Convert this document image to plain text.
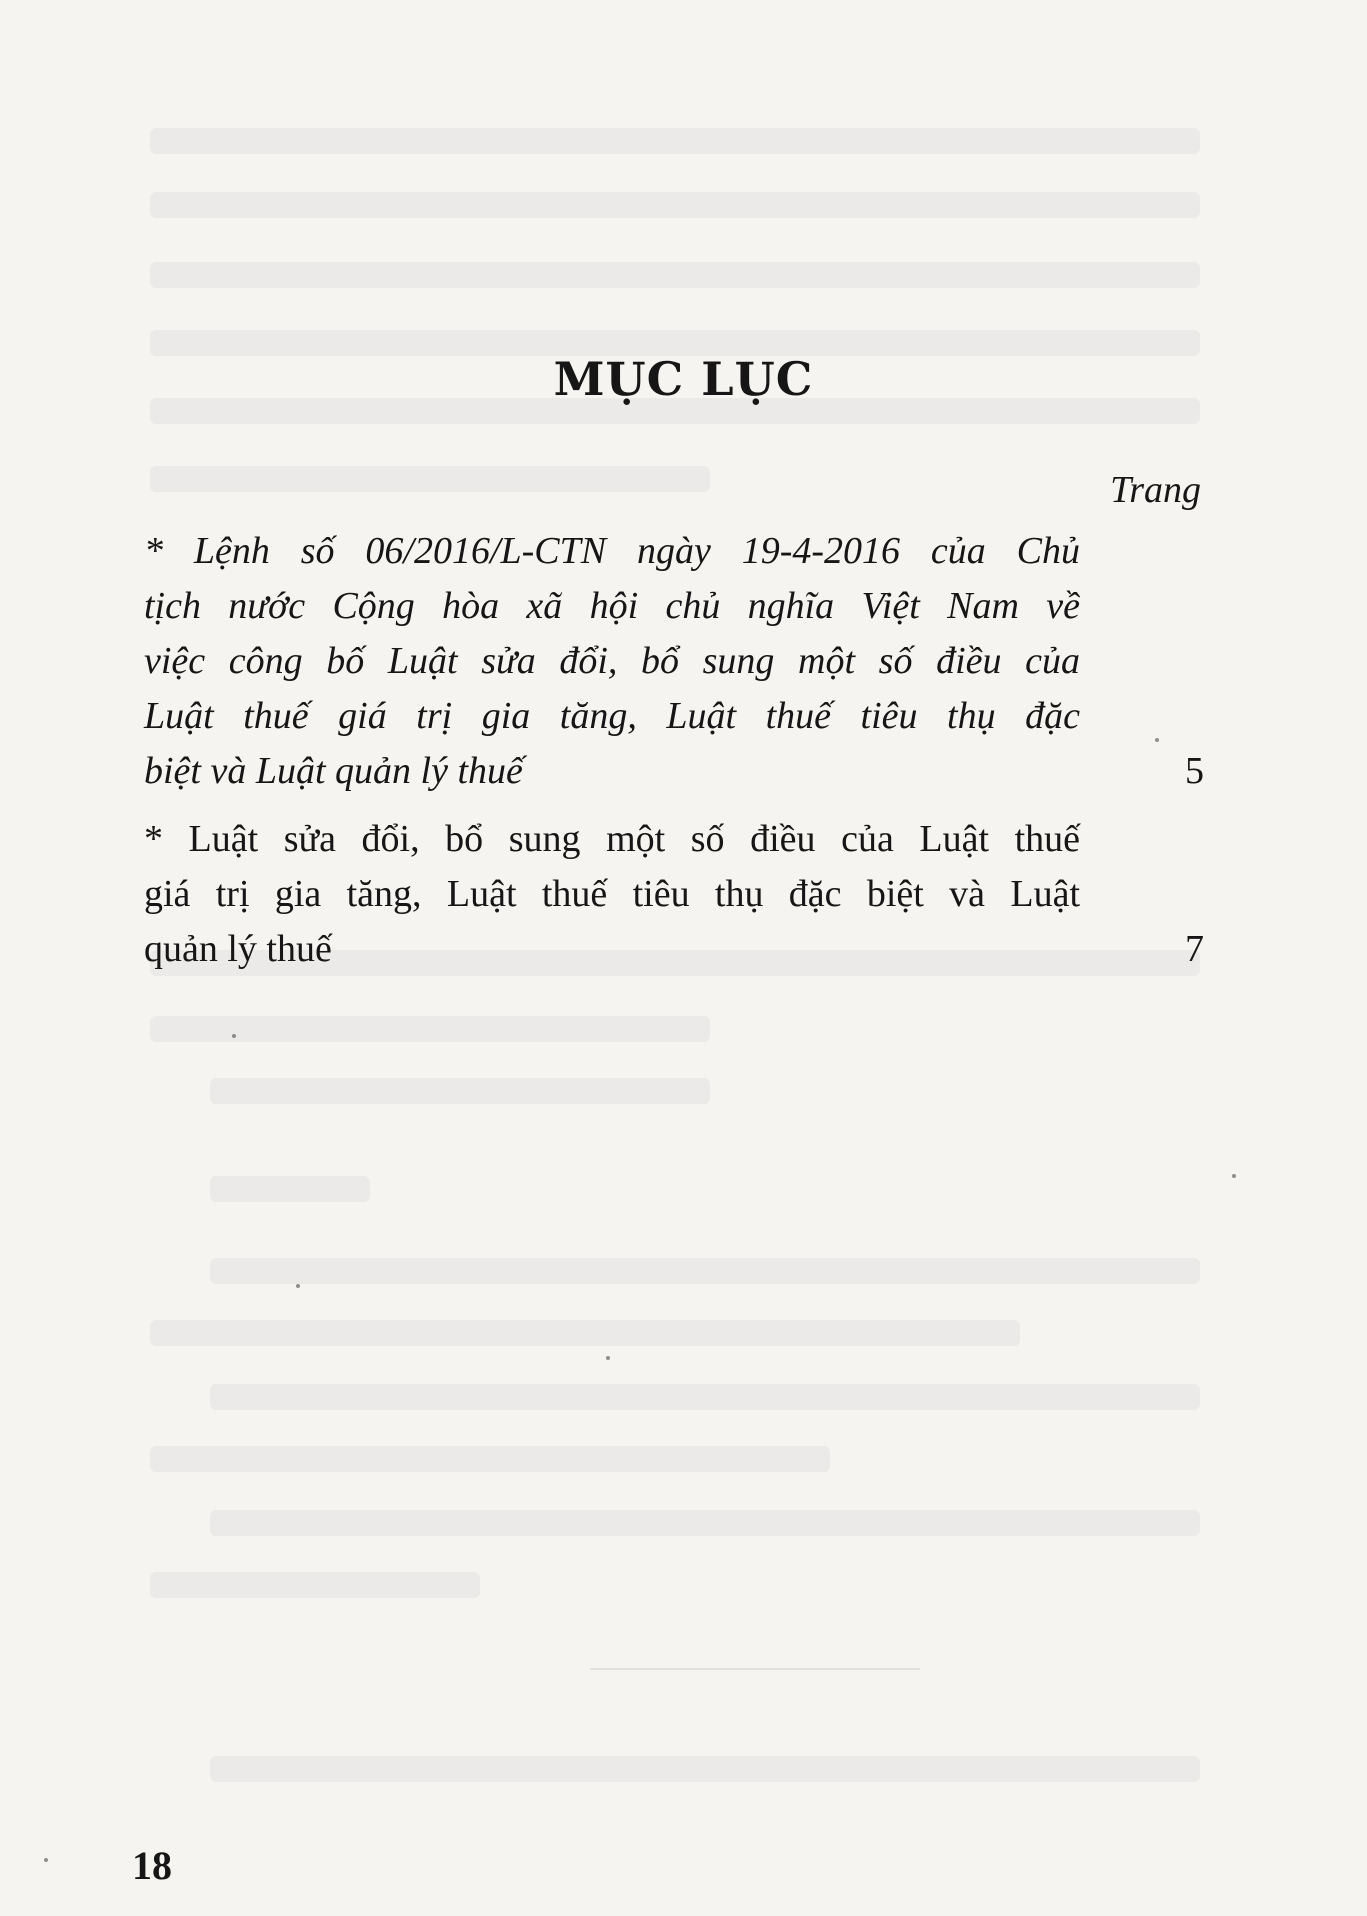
MỤC LỤC
Trang
* Lệnh số 06/2016/L-CTN ngày 19-4-2016 của Chủ
tịch nước Cộng hòa xã hội chủ nghĩa Việt Nam về
việc công bố Luật sửa đổi, bổ sung một số điều của
Luật thuế giá trị gia tăng, Luật thuế tiêu thụ đặc
biệt và Luật quản lý thuế	5
* Luật sửa đổi, bổ sung một số điều của Luật thuế
giá trị gia tăng, Luật thuế tiêu thụ đặc biệt và Luật
quản lý thuế	7
18
